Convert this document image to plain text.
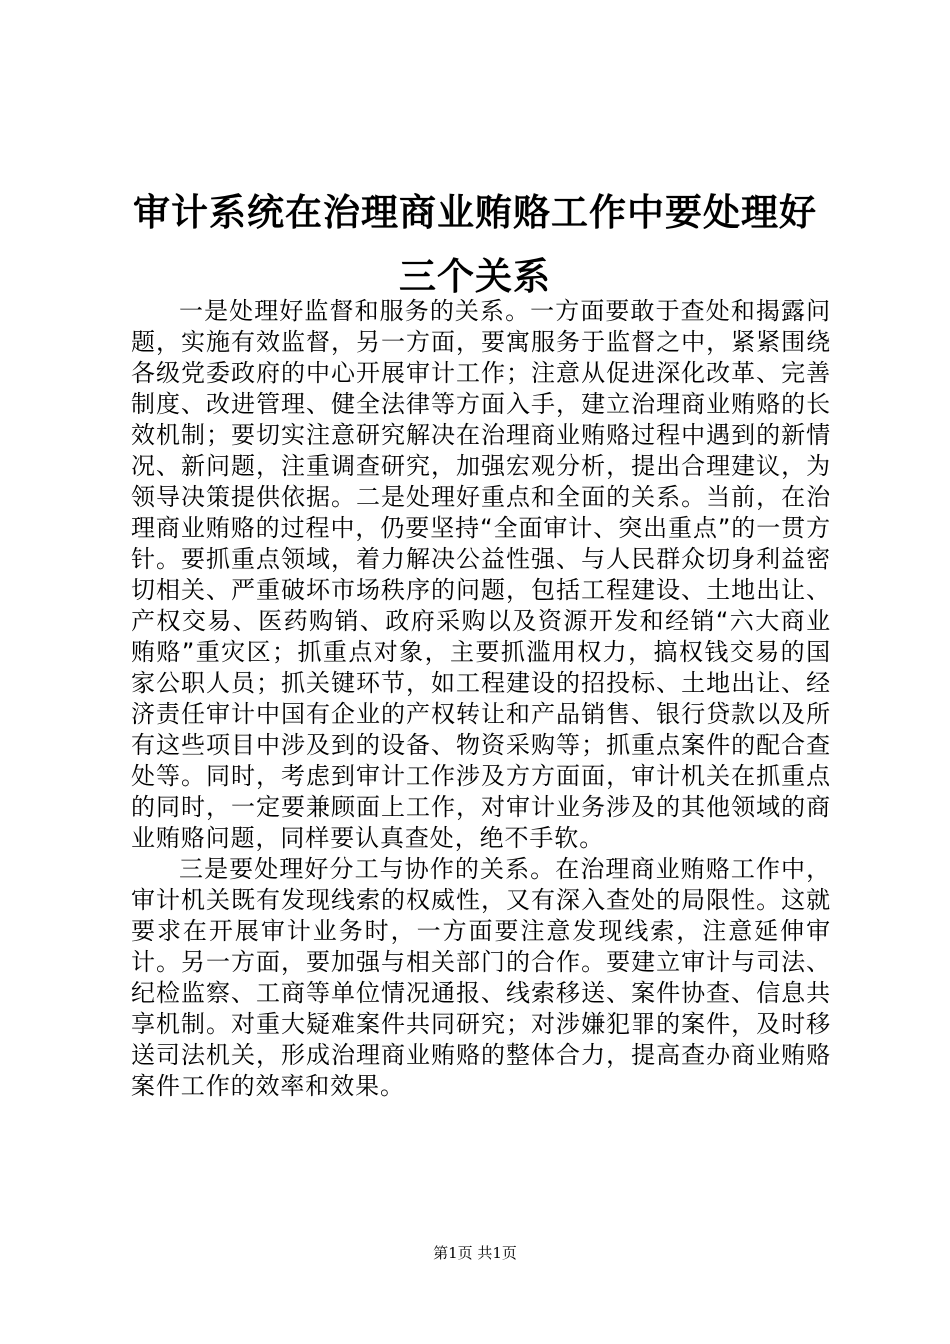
审计系统在治理商业贿赂工作中要处理好三个关系

一是处理好监督和服务的关系。一方面要敢于查处和揭露问题，实施有效监督，另一方面，要寓服务于监督之中，紧紧围绕各级党委政府的中心开展审计工作；注意从促进深化改革、完善制度、改进管理、健全法律等方面入手，建立治理商业贿赂的长效机制；要切实注意研究解决在治理商业贿赂过程中遇到的新情况、新问题，注重调查研究，加强宏观分析，提出合理建议，为领导决策提供依据。二是处理好重点和全面的关系。当前，在治理商业贿赂的过程中，仍要坚持“全面审计、突出重点”的一贯方针。要抓重点领域，着力解决公益性强、与人民群众切身利益密切相关、严重破坏市场秩序的问题，包括工程建设、土地出让、产权交易、医药购销、政府采购以及资源开发和经销“六大商业贿赂”重灾区；抓重点对象，主要抓滥用权力，搞权钱交易的国家公职人员；抓关键环节，如工程建设的招投标、土地出让、经济责任审计中国有企业的产权转让和产品销售、银行贷款以及所有这些项目中涉及到的设备、物资采购等；抓重点案件的配合查处等。同时，考虑到审计工作涉及方方面面，审计机关在抓重点的同时，一定要兼顾面上工作，对审计业务涉及的其他领域的商业贿赂问题，同样要认真查处，绝不手软。

三是要处理好分工与协作的关系。在治理商业贿赂工作中，审计机关既有发现线索的权威性，又有深入查处的局限性。这就要求在开展审计业务时，一方面要注意发现线索，注意延伸审计。另一方面，要加强与相关部门的合作。要建立审计与司法、纪检监察、工商等单位情况通报、线索移送、案件协查、信息共享机制。对重大疑难案件共同研究；对涉嫌犯罪的案件，及时移送司法机关，形成治理商业贿赂的整体合力，提高查办商业贿赂案件工作的效率和效果。

第1页 共1页
